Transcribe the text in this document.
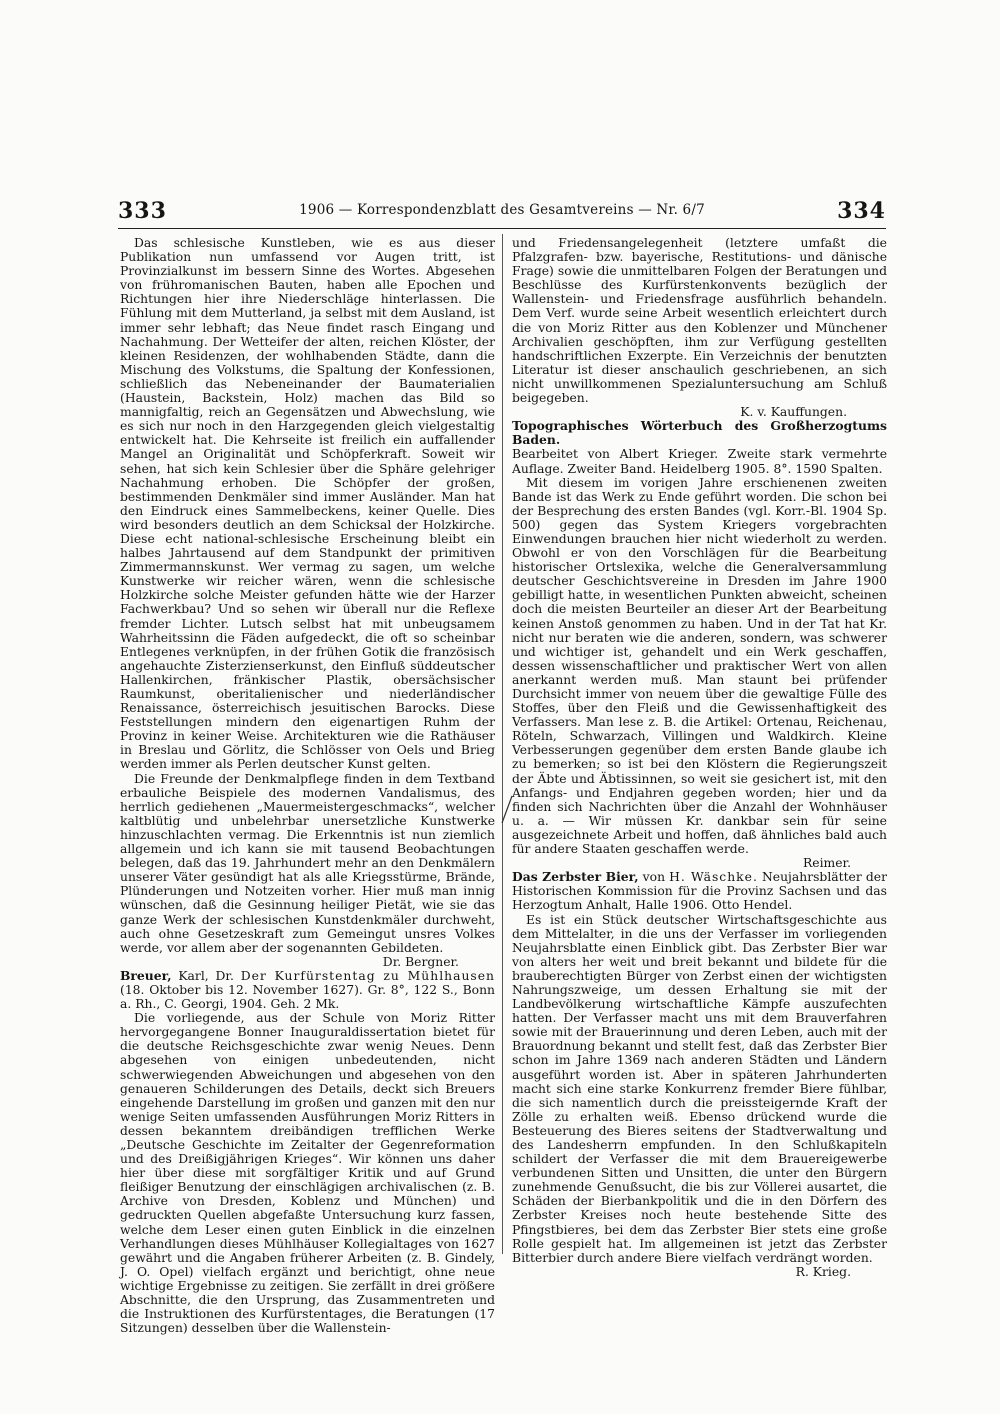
333	1906 — Korrespondenzblatt des Gesamtvereins — Nr. 6/7	334

Das schlesische Kunstleben, wie es aus dieser Publikation nun umfassend vor Augen tritt, ist Provinzialkunst im bessern Sinne des Wortes. Abgesehen von frühromanischen Bauten, haben alle Epochen und Richtungen hier ihre Niederschläge hinterlassen. Die Fühlung mit dem Mutterland, ja selbst mit dem Ausland, ist immer sehr lebhaft; das Neue findet rasch Eingang und Nachahmung. Der Wetteifer der alten, reichen Klöster, der kleinen Residenzen, der wohlhabenden Städte, dann die Mischung des Volkstums, die Spaltung der Konfessionen, schließlich das Nebeneinander der Baumaterialien (Haustein, Backstein, Holz) machen das Bild so mannigfaltig, reich an Gegensätzen und Abwechslung, wie es sich nur noch in den Harzgegenden gleich vielgestaltig entwickelt hat. Die Kehrseite ist freilich ein auffallender Mangel an Originalität und Schöpferkraft. Soweit wir sehen, hat sich kein Schlesier über die Sphäre gelehriger Nachahmung erhoben. Die Schöpfer der großen, bestimmenden Denkmäler sind immer Ausländer. Man hat den Eindruck eines Sammelbeckens, keiner Quelle. Dies wird besonders deutlich an dem Schicksal der Holzkirche. Diese echt national-schlesische Erscheinung bleibt ein halbes Jahrtausend auf dem Standpunkt der primitiven Zimmermannskunst. Wer vermag zu sagen, um welche Kunstwerke wir reicher wären, wenn die schlesische Holzkirche solche Meister gefunden hätte wie der Harzer Fachwerkbau? Und so sehen wir überall nur die Reflexe fremder Lichter. Lutsch selbst hat mit unbeugsamem Wahrheitssinn die Fäden aufgedeckt, die oft so scheinbar Entlegenes verknüpfen, in der frühen Gotik die französisch angehauchte Zisterzienserkunst, den Einfluß süddeutscher Hallenkirchen, fränkischer Plastik, obersächsischer Raumkunst, oberitalienischer und niederländischer Renaissance, österreichisch jesuitischen Barocks. Diese Feststellungen mindern den eigenartigen Ruhm der Provinz in keiner Weise. Architekturen wie die Rathäuser in Breslau und Görlitz, die Schlösser von Oels und Brieg werden immer als Perlen deutscher Kunst gelten.

Die Freunde der Denkmalpflege finden in dem Textband erbauliche Beispiele des modernen Vandalismus, des herrlich gediehenen „Mauermeistergeschmacks“, welcher kaltblütig und unbelehrbar unersetzliche Kunstwerke hinzuschlachten vermag. Die Erkenntnis ist nun ziemlich allgemein und ich kann sie mit tausend Beobachtungen belegen, daß das 19. Jahrhundert mehr an den Denkmälern unserer Väter gesündigt hat als alle Kriegsstürme, Brände, Plünderungen und Notzeiten vorher. Hier muß man innig wünschen, daß die Gesinnung heiliger Pietät, wie sie das ganze Werk der schlesischen Kunstdenkmäler durchweht, auch ohne Gesetzeskraft zum Gemeingut unsres Volkes werde, vor allem aber der sogenannten Gebildeten.

Dr. Bergner.

Breuer, Karl, Dr. Der Kurfürstentag zu Mühlhausen (18. Oktober bis 12. November 1627). Gr. 8°, 122 S., Bonn a. Rh., C. Georgi, 1904. Geh. 2 Mk.

Die vorliegende, aus der Schule von Moriz Ritter hervorgegangene Bonner Inauguraldissertation bietet für die deutsche Reichsgeschichte zwar wenig Neues. Denn abgesehen von einigen unbedeutenden, nicht schwerwiegenden Abweichungen und abgesehen von den genaueren Schilderungen des Details, deckt sich Breuers eingehende Darstellung im großen und ganzen mit den nur wenige Seiten umfassenden Ausführungen Moriz Ritters in dessen bekanntem dreibändigen trefflichen Werke „Deutsche Geschichte im Zeitalter der Gegenreformation und des Dreißigjährigen Krieges“. Wir können uns daher hier über diese mit sorgfältiger Kritik und auf Grund fleißiger Benutzung der einschlägigen archivalischen (z. B. Archive von Dresden, Koblenz und München) und gedruckten Quellen abgefaßte Untersuchung kurz fassen, welche dem Leser einen guten Einblick in die einzelnen Verhandlungen dieses Mühlhäuser Kollegialtages von 1627 gewährt und die Angaben früherer Arbeiten (z. B. Gindely, J. O. Opel) vielfach ergänzt und berichtigt, ohne neue wichtige Ergebnisse zu zeitigen. Sie zerfällt in drei größere Abschnitte, die den Ursprung, das Zusammentreten und die Instruktionen des Kurfürstentages, die Beratungen (17 Sitzungen) desselben über die Wallenstein-

und Friedensangelegenheit (letztere umfaßt die Pfalzgrafen- bzw. bayerische, Restitutions- und dänische Frage) sowie die unmittelbaren Folgen der Beratungen und Beschlüsse des Kurfürstenkonvents bezüglich der Wallenstein- und Friedensfrage ausführlich behandeln. Dem Verf. wurde seine Arbeit wesentlich erleichtert durch die von Moriz Ritter aus den Koblenzer und Münchener Archivalien geschöpften, ihm zur Verfügung gestellten handschriftlichen Exzerpte. Ein Verzeichnis der benutzten Literatur ist dieser anschaulich geschriebenen, an sich nicht unwillkommenen Spezialuntersuchung am Schluß beigegeben.

K. v. Kauffungen.

Topographisches Wörterbuch des Großherzogtums Baden.

Bearbeitet von Albert Krieger. Zweite stark vermehrte Auflage. Zweiter Band. Heidelberg 1905. 8°. 1590 Spalten.

Mit diesem im vorigen Jahre erschienenen zweiten Bande ist das Werk zu Ende geführt worden. Die schon bei der Besprechung des ersten Bandes (vgl. Korr.-Bl. 1904 Sp. 500) gegen das System Kriegers vorgebrachten Einwendungen brauchen hier nicht wiederholt zu werden. Obwohl er von den Vorschlägen für die Bearbeitung historischer Ortslexika, welche die Generalversammlung deutscher Geschichtsvereine in Dresden im Jahre 1900 gebilligt hatte, in wesentlichen Punkten abweicht, scheinen doch die meisten Beurteiler an dieser Art der Bearbeitung keinen Anstoß genommen zu haben. Und in der Tat hat Kr. nicht nur beraten wie die anderen, sondern, was schwerer und wichtiger ist, gehandelt und ein Werk geschaffen, dessen wissenschaftlicher und praktischer Wert von allen anerkannt werden muß. Man staunt bei prüfender Durchsicht immer von neuem über die gewaltige Fülle des Stoffes, über den Fleiß und die Gewissenhaftigkeit des Verfassers. Man lese z. B. die Artikel: Ortenau, Reichenau, Röteln, Schwarzach, Villingen und Waldkirch. Kleine Verbesserungen gegenüber dem ersten Bande glaube ich zu bemerken; so ist bei den Klöstern die Regierungszeit der Äbte und Äbtissinnen, so weit sie gesichert ist, mit den Anfangs- und Endjahren gegeben worden; hier und da finden sich Nachrichten über die Anzahl der Wohnhäuser u. a. — Wir müssen Kr. dankbar sein für seine ausgezeichnete Arbeit und hoffen, daß ähnliches bald auch für andere Staaten geschaffen werde.

Reimer.

Das Zerbster Bier, von H. Wäschke. Neujahrsblätter der Historischen Kommission für die Provinz Sachsen und das Herzogtum Anhalt, Halle 1906. Otto Hendel.

Es ist ein Stück deutscher Wirtschaftsgeschichte aus dem Mittelalter, in die uns der Verfasser im vorliegenden Neujahrsblatte einen Einblick gibt. Das Zerbster Bier war von alters her weit und breit bekannt und bildete für die brauberechtigten Bürger von Zerbst einen der wichtigsten Nahrungszweige, um dessen Erhaltung sie mit der Landbevölkerung wirtschaftliche Kämpfe auszufechten hatten. Der Verfasser macht uns mit dem Brauverfahren sowie mit der Brauerinnung und deren Leben, auch mit der Brauordnung bekannt und stellt fest, daß das Zerbster Bier schon im Jahre 1369 nach anderen Städten und Ländern ausgeführt worden ist. Aber in späteren Jahrhunderten macht sich eine starke Konkurrenz fremder Biere fühlbar, die sich namentlich durch die preissteigernde Kraft der Zölle zu erhalten weiß. Ebenso drückend wurde die Besteuerung des Bieres seitens der Stadtverwaltung und des Landesherrn empfunden. In den Schlußkapiteln schildert der Verfasser die mit dem Brauereigewerbe verbundenen Sitten und Unsitten, die unter den Bürgern zunehmende Genußsucht, die bis zur Völlerei ausartet, die Schäden der Bierbankpolitik und die in den Dörfern des Zerbster Kreises noch heute bestehende Sitte des Pfingstbieres, bei dem das Zerbster Bier stets eine große Rolle gespielt hat. Im allgemeinen ist jetzt das Zerbster Bitterbier durch andere Biere vielfach verdrängt worden.

R. Krieg.
